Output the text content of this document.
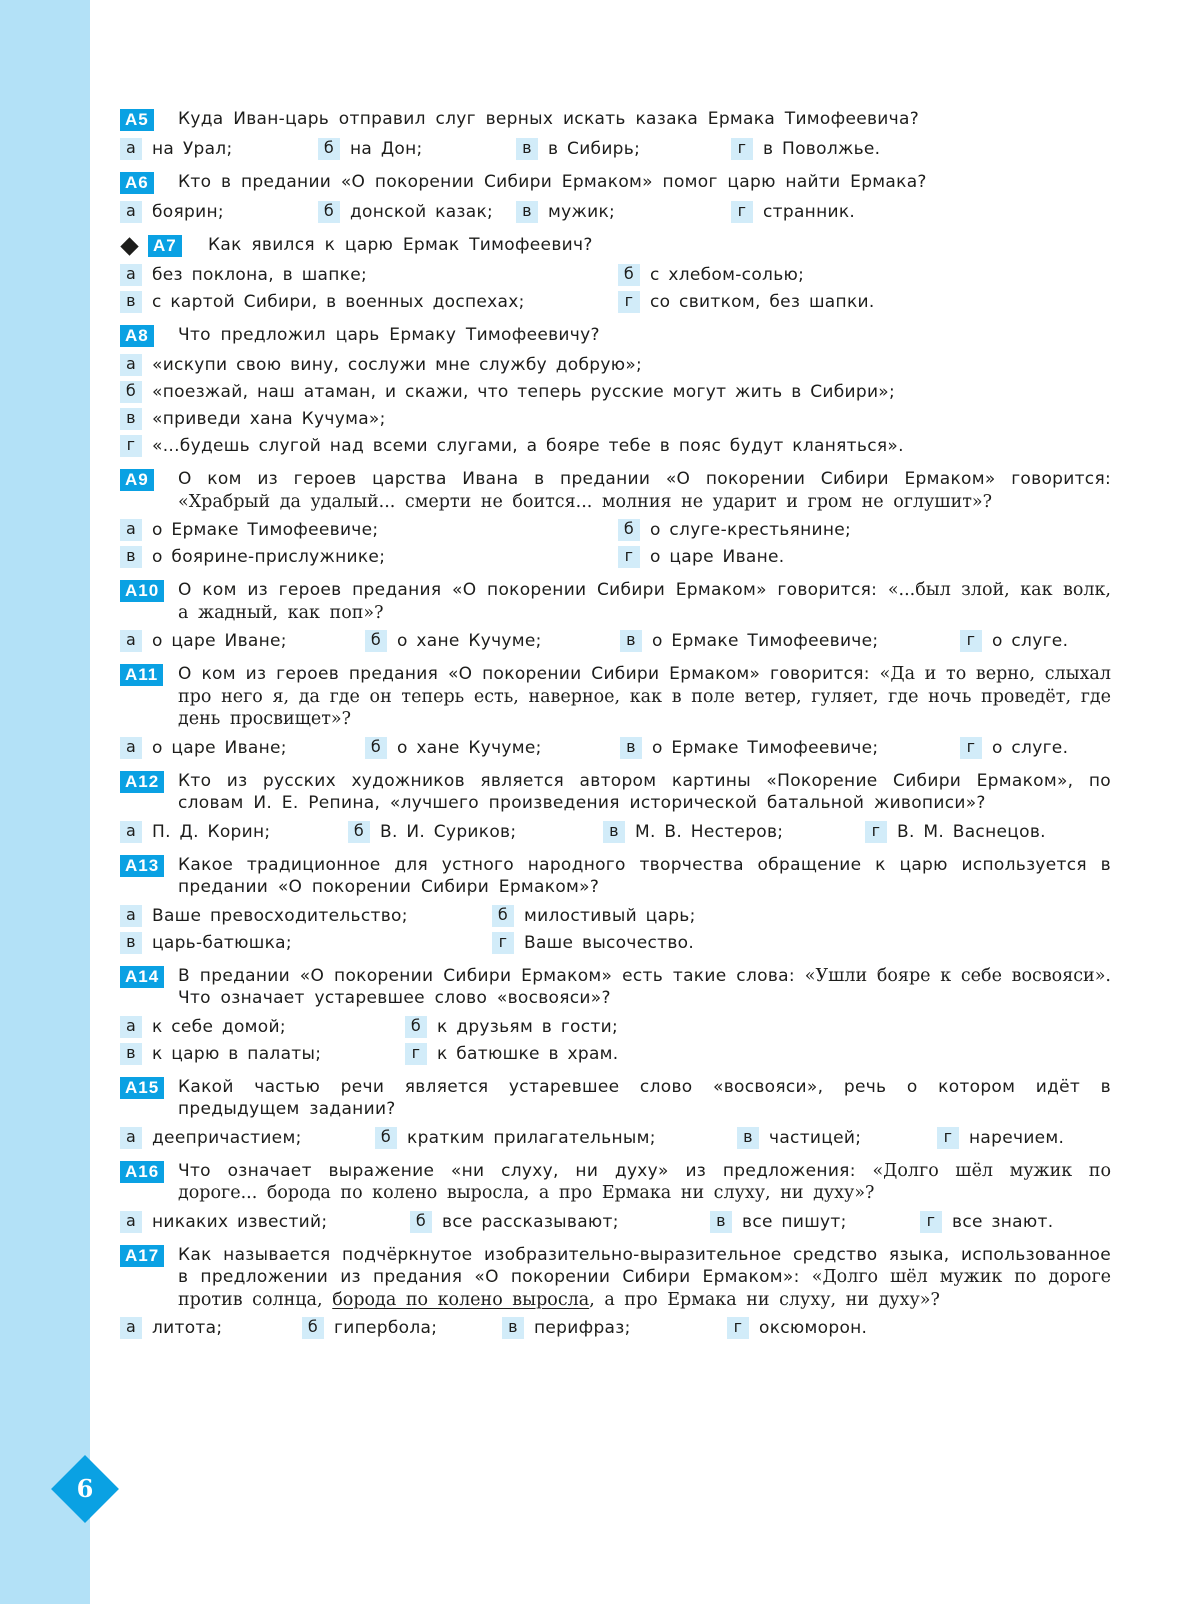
А5 Куда Иван-царь отправил слуг верных искать казака Ермака Тимофеевича?
а на Урал;	б на Дон;	в в Сибирь;	г в Поволжье.
А6 Кто в предании «О покорении Сибири Ермаком» помог царю найти Ермака?
а боярин;	б донской казак;	в мужик;	г странник.
А7 Как явился к царю Ермак Тимофеевич?
а без поклона, в шапке;	б с хлебом-солью;
в с картой Сибири, в военных доспехах;	г со свитком, без шапки.
А8 Что предложил царь Ермаку Тимофеевичу?
а «искупи свою вину, сослужи мне службу добрую»;
б «поезжай, наш атаман, и скажи, что теперь русские могут жить в Сибири»;
в «приведи хана Кучума»;
г «...будешь слугой над всеми слугами, а бояре тебе в пояс будут кланяться».
А9 О ком из героев царства Ивана в предании «О покорении Сибири Ермаком» говорится: «Храбрый да удалый... смерти не боится... молния не ударит и гром не оглушит»?
а о Ермаке Тимофеевиче;	б о слуге-крестьянине;
в о боярине-прислужнике;	г о царе Иване.
А10 О ком из героев предания «О покорении Сибири Ермаком» говорится: «...был злой, как волк, а жадный, как поп»?
а о царе Иване;	б о хане Кучуме;	в о Ермаке Тимофеевиче;	г о слуге.
А11 О ком из героев предания «О покорении Сибири Ермаком» говорится: «Да и то верно, слыхал про него я, да где он теперь есть, наверное, как в поле ветер, гуляет, где ночь проведёт, где день просвищет»?
а о царе Иване;	б о хане Кучуме;	в о Ермаке Тимофеевиче;	г о слуге.
А12 Кто из русских художников является автором картины «Покорение Сибири Ермаком», по словам И. Е. Репина, «лучшего произведения исторической батальной живописи»?
а П. Д. Корин;	б В. И. Суриков;	в М. В. Нестеров;	г В. М. Васнецов.
А13 Какое традиционное для устного народного творчества обращение к царю используется в предании «О покорении Сибири Ермаком»?
а Ваше превосходительство;	б милостивый царь;
в царь-батюшка;	г Ваше высочество.
А14 В предании «О покорении Сибири Ермаком» есть такие слова: «Ушли бояре к себе восвояси». Что означает устаревшее слово «восвояси»?
а к себе домой;	б к друзьям в гости;
в к царю в палаты;	г к батюшке в храм.
А15 Какой частью речи является устаревшее слово «восвояси», речь о котором идёт в предыдущем задании?
а деепричастием;	б кратким прилагательным;	в частицей;	г наречием.
А16 Что означает выражение «ни слуху, ни духу» из предложения: «Долго шёл мужик по дороге... борода по колено выросла, а про Ермака ни слуху, ни духу»?
а никаких известий;	б все рассказывают;	в все пишут;	г все знают.
А17 Как называется подчёркнутое изобразительно-выразительное средство языка, использованное в предложении из предания «О покорении Сибири Ермаком»: «Долго шёл мужик по дороге против солнца, борода по колено выросла, а про Ермака ни слуху, ни духу»?
а литота;	б гипербола;	в перифраз;	г оксюморон.
6
